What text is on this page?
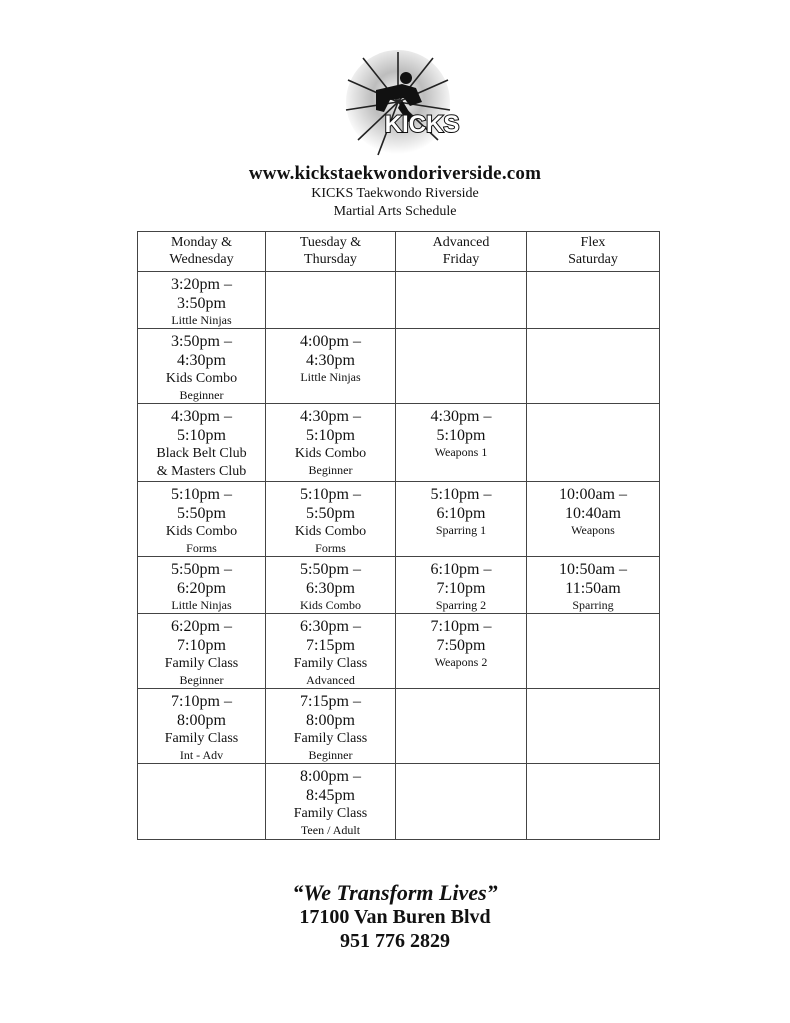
KICKS
www.kickstaekwondoriverside.com
KICKS Taekwondo Riverside
Martial Arts Schedule
Monday &
Wednesday	Tuesday &
Thursday	Advanced
Friday	Flex
Saturday

3:20pm –
3:50pm
Little Ninjas			

3:50pm –
4:30pm
Kids Combo
Beginner	4:00pm –
4:30pm
Little Ninjas		

4:30pm –
5:10pm
Black Belt Club
& Masters Club	4:30pm –
5:10pm
Kids Combo
Beginner	4:30pm –
5:10pm
Weapons 1	

5:10pm –
5:50pm
Kids Combo
Forms	5:10pm –
5:50pm
Kids Combo
Forms	5:10pm –
6:10pm
Sparring 1	10:00am –
10:40am
Weapons

5:50pm –
6:20pm
Little Ninjas	5:50pm –
6:30pm
Kids Combo	6:10pm –
7:10pm
Sparring 2	10:50am –
11:50am
Sparring

6:20pm –
7:10pm
Family Class
Beginner	6:30pm –
7:15pm
Family Class
Advanced	7:10pm –
7:50pm
Weapons 2	

7:10pm –
8:00pm
Family Class
Int - Adv	7:15pm –
8:00pm
Family Class
Beginner		

	8:00pm –
8:45pm
Family Class
Teen / Adult		

“We Transform Lives”
17100 Van Buren Blvd
951 776 2829
